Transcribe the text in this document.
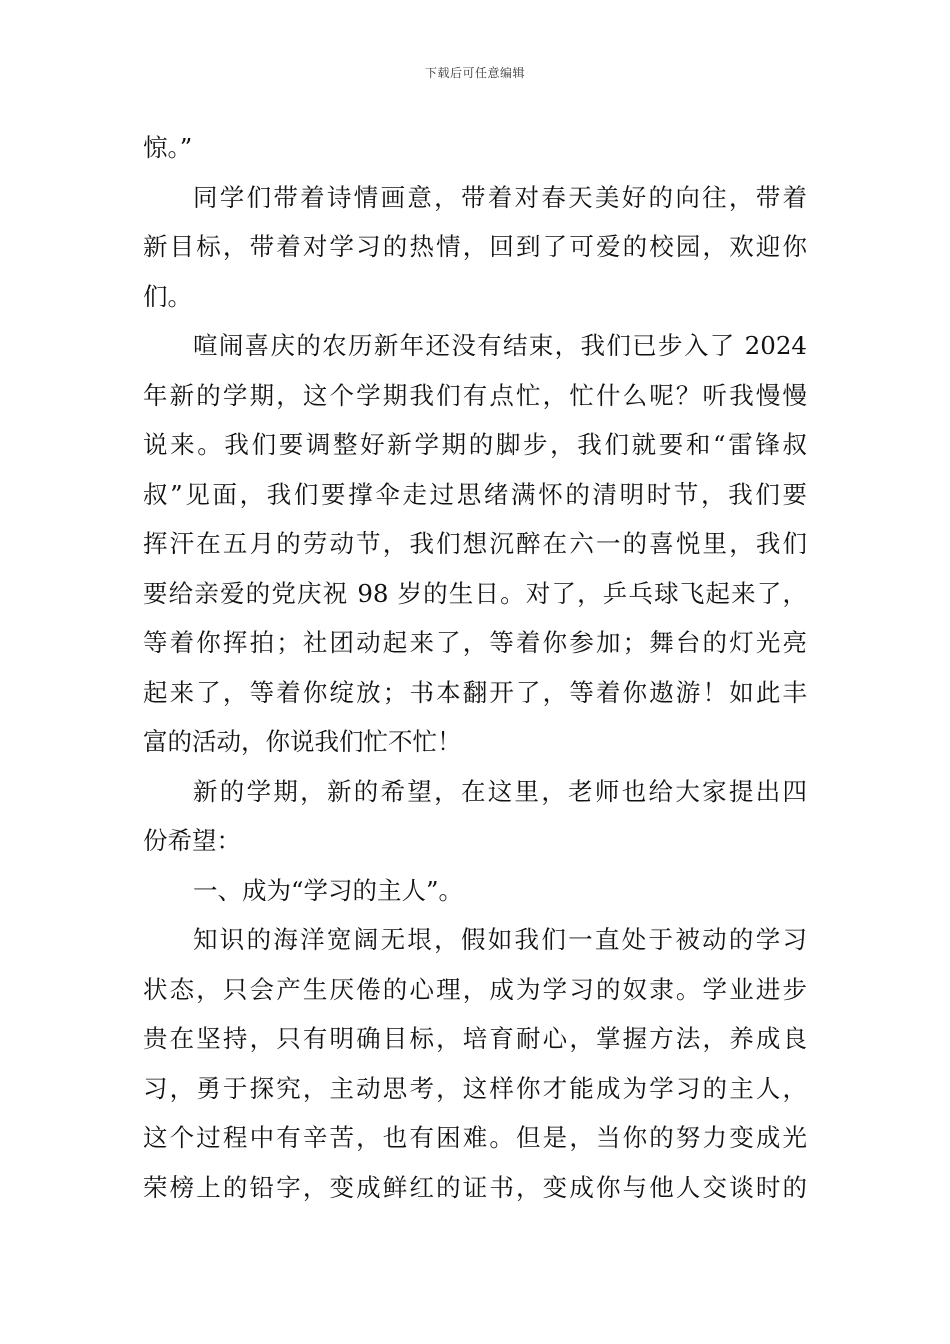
下载后可任意编辑
惊。”
同学们带着诗情画意，带着对春天美好的向往，带着
新目标，带着对学习的热情，回到了可爱的校园，欢迎你
们。
喧闹喜庆的农历新年还没有结束，我们已步入了 2024
年新的学期，这个学期我们有点忙，忙什么呢？听我慢慢
说来。我们要调整好新学期的脚步，我们就要和“雷锋叔
叔”见面，我们要撑伞走过思绪满怀的清明时节，我们要
挥汗在五月的劳动节，我们想沉醉在六一的喜悦里，我们
要给亲爱的党庆祝 98 岁的生日。对了，乒乓球飞起来了，
等着你挥拍；社团动起来了，等着你参加；舞台的灯光亮
起来了，等着你绽放；书本翻开了，等着你遨游！如此丰
富的活动，你说我们忙不忙！
新的学期，新的希望，在这里，老师也给大家提出四
份希望：
一、成为“学习的主人”。
知识的海洋宽阔无垠，假如我们一直处于被动的学习
状态，只会产生厌倦的心理，成为学习的奴隶。学业进步
贵在坚持，只有明确目标，培育耐心，掌握方法，养成良
习，勇于探究，主动思考，这样你才能成为学习的主人，
这个过程中有辛苦，也有困难。但是，当你的努力变成光
荣榜上的铅字，变成鲜红的证书，变成你与他人交谈时的
